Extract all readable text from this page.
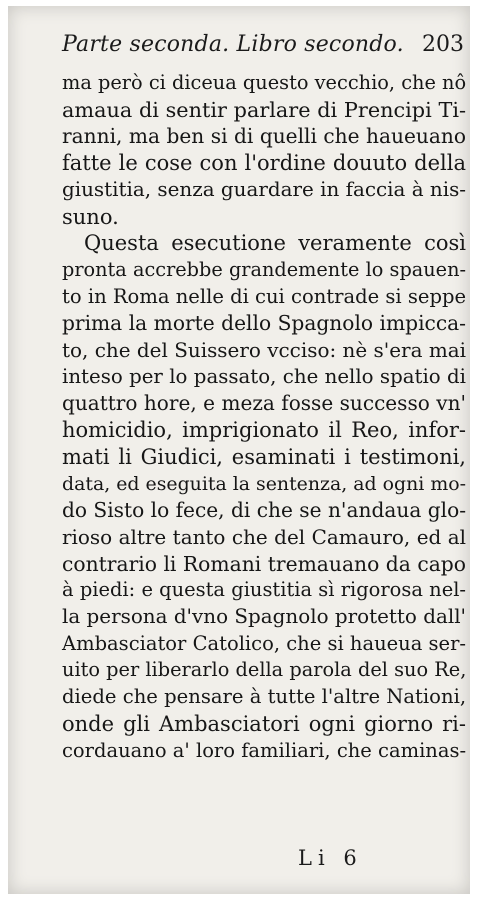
Parte seconda. Libro secondo. 203
ma però ci diceua questo vecchio, che nô
amaua di sentir parlare di Prencipi Ti-
ranni, ma ben si di quelli che haueuano
fatte le cose con l'ordine douuto della
giustitia, senza guardare in faccia à nis-
suno.
Questa esecutione veramente così
pronta accrebbe grandemente lo spauen-
to in Roma nelle di cui contrade si seppe
prima la morte dello Spagnolo impicca-
to, che del Suissero vcciso: nè s'era mai
inteso per lo passato, che nello spatio di
quattro hore, e meza fosse successo vn'
homicidio, imprigionato il Reo, infor-
mati li Giudici, esaminati i testimoni,
data, ed eseguita la sentenza, ad ogni mo-
do Sisto lo fece, di che se n'andaua glo-
rioso altre tanto che del Camauro, ed al
contrario li Romani tremauano da capo
à piedi: e questa giustitia sì rigorosa nel-
la persona d'vno Spagnolo protetto dall'
Ambasciator Catolico, che si haueua ser-
uito per liberarlo della parola del suo Re,
diede che pensare à tutte l'altre Nationi,
onde gli Ambasciatori ogni giorno ri-
cordauano a' loro familiari, che caminas-
Li 6
